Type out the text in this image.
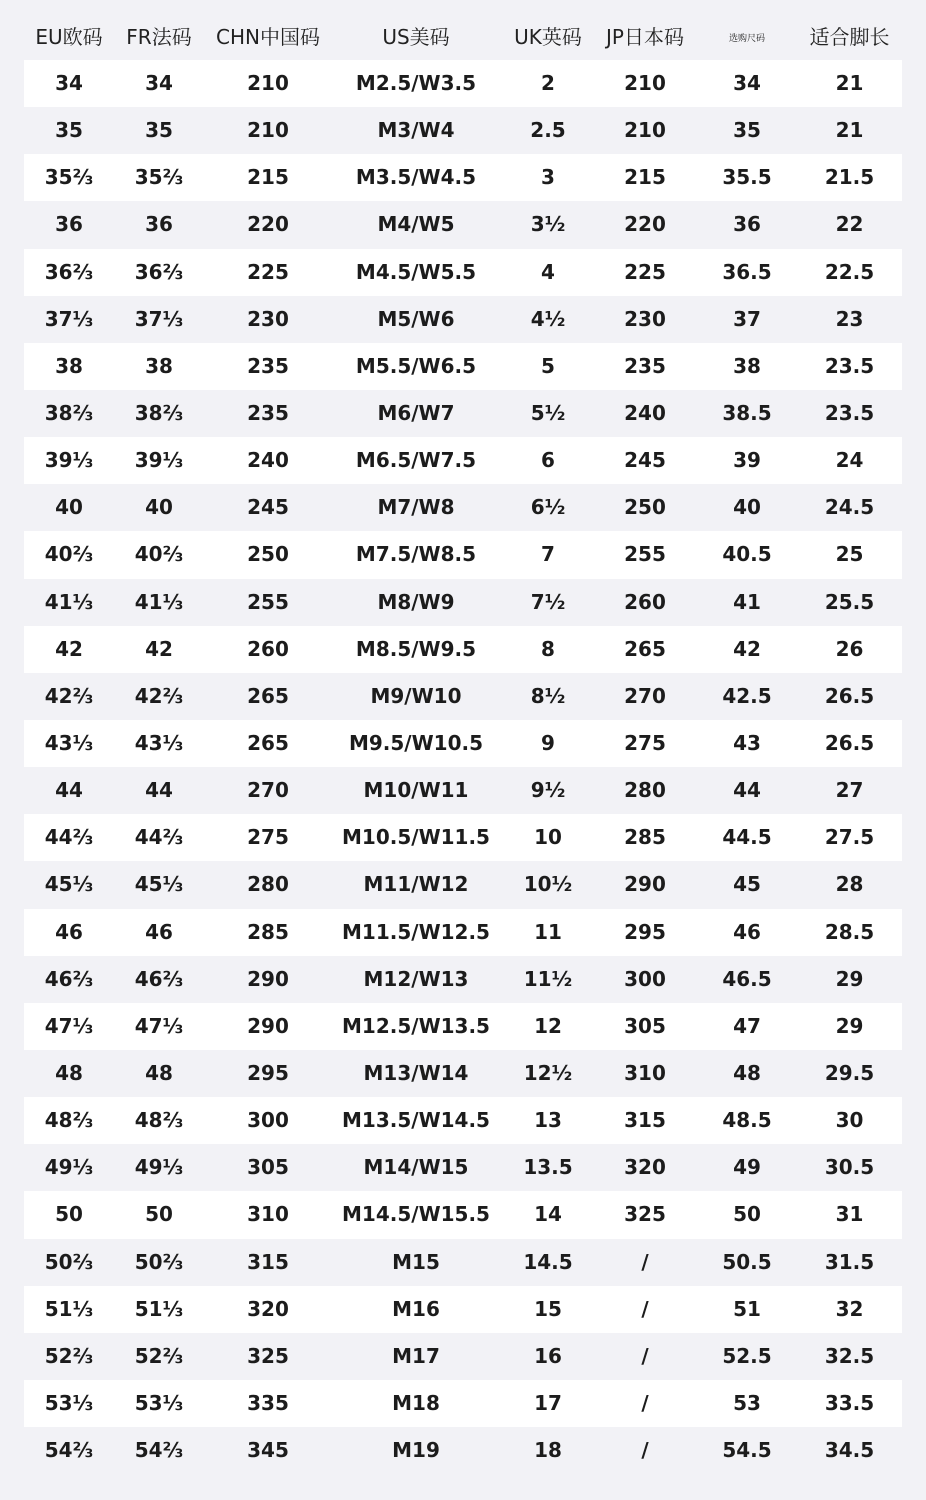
EU欧码	FR法码	CHN中国码	US美码	UK英码	JP日本码	选购尺码	适合脚长
34	34	210	M2.5/W3.5	2	210	34	21
35	35	210	M3/W4	2.5	210	35	21
35⅔	35⅔	215	M3.5/W4.5	3	215	35.5	21.5
36	36	220	M4/W5	3½	220	36	22
36⅔	36⅔	225	M4.5/W5.5	4	225	36.5	22.5
37⅓	37⅓	230	M5/W6	4½	230	37	23
38	38	235	M5.5/W6.5	5	235	38	23.5
38⅔	38⅔	235	M6/W7	5½	240	38.5	23.5
39⅓	39⅓	240	M6.5/W7.5	6	245	39	24
40	40	245	M7/W8	6½	250	40	24.5
40⅔	40⅔	250	M7.5/W8.5	7	255	40.5	25
41⅓	41⅓	255	M8/W9	7½	260	41	25.5
42	42	260	M8.5/W9.5	8	265	42	26
42⅔	42⅔	265	M9/W10	8½	270	42.5	26.5
43⅓	43⅓	265	M9.5/W10.5	9	275	43	26.5
44	44	270	M10/W11	9½	280	44	27
44⅔	44⅔	275	M10.5/W11.5	10	285	44.5	27.5
45⅓	45⅓	280	M11/W12	10½	290	45	28
46	46	285	M11.5/W12.5	11	295	46	28.5
46⅔	46⅔	290	M12/W13	11½	300	46.5	29
47⅓	47⅓	290	M12.5/W13.5	12	305	47	29
48	48	295	M13/W14	12½	310	48	29.5
48⅔	48⅔	300	M13.5/W14.5	13	315	48.5	30
49⅓	49⅓	305	M14/W15	13.5	320	49	30.5
50	50	310	M14.5/W15.5	14	325	50	31
50⅔	50⅔	315	M15	14.5	/	50.5	31.5
51⅓	51⅓	320	M16	15	/	51	32
52⅔	52⅔	325	M17	16	/	52.5	32.5
53⅓	53⅓	335	M18	17	/	53	33.5
54⅔	54⅔	345	M19	18	/	54.5	34.5
